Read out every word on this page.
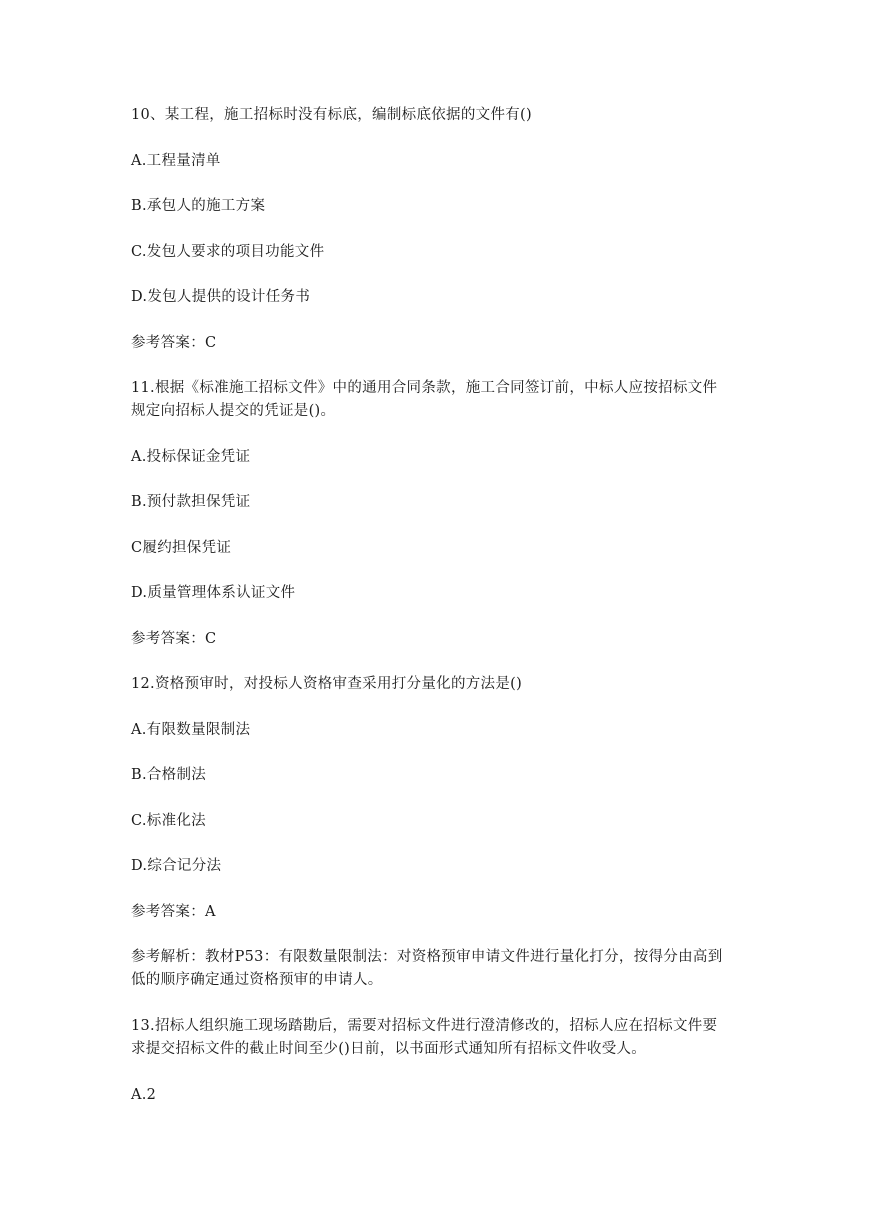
10、某工程，施工招标时没有标底，编制标底依据的文件有()
A.工程量清单
B.承包人的施工方案
C.发包人要求的项目功能文件
D.发包人提供的设计任务书
参考答案：C
11.根据《标准施工招标文件》中的通用合同条款，施工合同签订前，中标人应按招标文件
规定向招标人提交的凭证是()。
A.投标保证金凭证
B.预付款担保凭证
C履约担保凭证
D.质量管理体系认证文件
参考答案：C
12.资格预审时，对投标人资格审查采用打分量化的方法是()
A.有限数量限制法
B.合格制法
C.标准化法
D.综合记分法
参考答案：A
参考解析：教材P53：有限数量限制法：对资格预审申请文件进行量化打分，按得分由高到
低的顺序确定通过资格预审的申请人。
13.招标人组织施工现场踏勘后，需要对招标文件进行澄清修改的，招标人应在招标文件要
求提交招标文件的截止时间至少()日前，以书面形式通知所有招标文件收受人。
A.2
